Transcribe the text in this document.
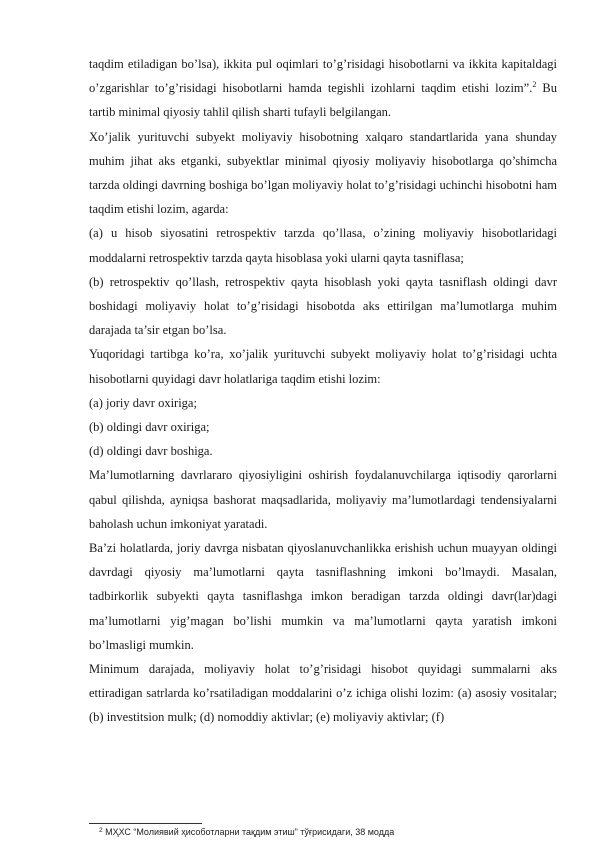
taqdim etiladigan bo’lsa), ikkita pul oqimlari to’g’risidagi hisobotlarni va ikkita kapitaldagi o’zgarishlar to’g’risidagi hisobotlarni hamda tegishli izohlarni taqdim etishi lozim”.$^2$ Bu tartib minimal qiyosiy tahlil qilish sharti tufayli belgilangan.

Xo’jalik yurituvchi subyekt moliyaviy hisobotning xalqaro standartlarida yana shunday muhim jihat aks etganki, subyektlar minimal qiyosiy moliyaviy hisobotlarga qo’shimcha tarzda oldingi davrning boshiga bo’lgan moliyaviy holat to’g’risidagi uchinchi hisobotni ham taqdim etishi lozim, agarda:

(a) u hisob siyosatini retrospektiv tarzda qo’llasa, o’zining moliyaviy hisobotlaridagi moddalarni retrospektiv tarzda qayta hisoblasa yoki ularni qayta tasniflasa;

(b) retrospektiv qo’llash, retrospektiv qayta hisoblash yoki qayta tasniflash oldingi davr boshidagi moliyaviy holat to’g’risidagi hisobotda aks ettirilgan ma’lumotlarga muhim darajada ta’sir etgan bo’lsa.

Yuqoridagi tartibga ko’ra, xo’jalik yurituvchi subyekt moliyaviy holat to’g’risidagi uchta hisobotlarni quyidagi davr holatlariga taqdim etishi lozim:

(a) joriy davr oxiriga;

(b) oldingi davr oxiriga;

(d) oldingi davr boshiga.

Ma’lumotlarning davrlararo qiyosiyligini oshirish foydalanuvchilarga iqtisodiy qarorlarni qabul qilishda, ayniqsa bashorat maqsadlarida, moliyaviy ma’lumotlardagi tendensiyalarni baholash uchun imkoniyat yaratadi.

Ba’zi holatlarda, joriy davrga nisbatan qiyoslanuvchanlikka erishish uchun muayyan oldingi davrdagi qiyosiy ma’lumotlarni qayta tasniflashning imkoni bo’lmaydi. Masalan, tadbirkorlik subyekti qayta tasniflashga imkon beradigan tarzda oldingi davr(lar)dagi ma’lumotlarni yig’magan bo’lishi mumkin va ma’lumotlarni qayta yaratish imkoni bo’lmasligi mumkin.

Minimum darajada, moliyaviy holat to’g’risidagi hisobot quyidagi summalarni aks ettiradigan satrlarda ko’rsatiladigan moddalarini o’z ichiga olishi lozim: (a) asosiy vositalar; (b) investitsion mulk; (d) nomoddiy aktivlar; (e) moliyaviy aktivlar; (f)

$^2$ МҲХС “Молиявий ҳисоботларни тақдим этиш” тўғрисидаги, 38 модда
